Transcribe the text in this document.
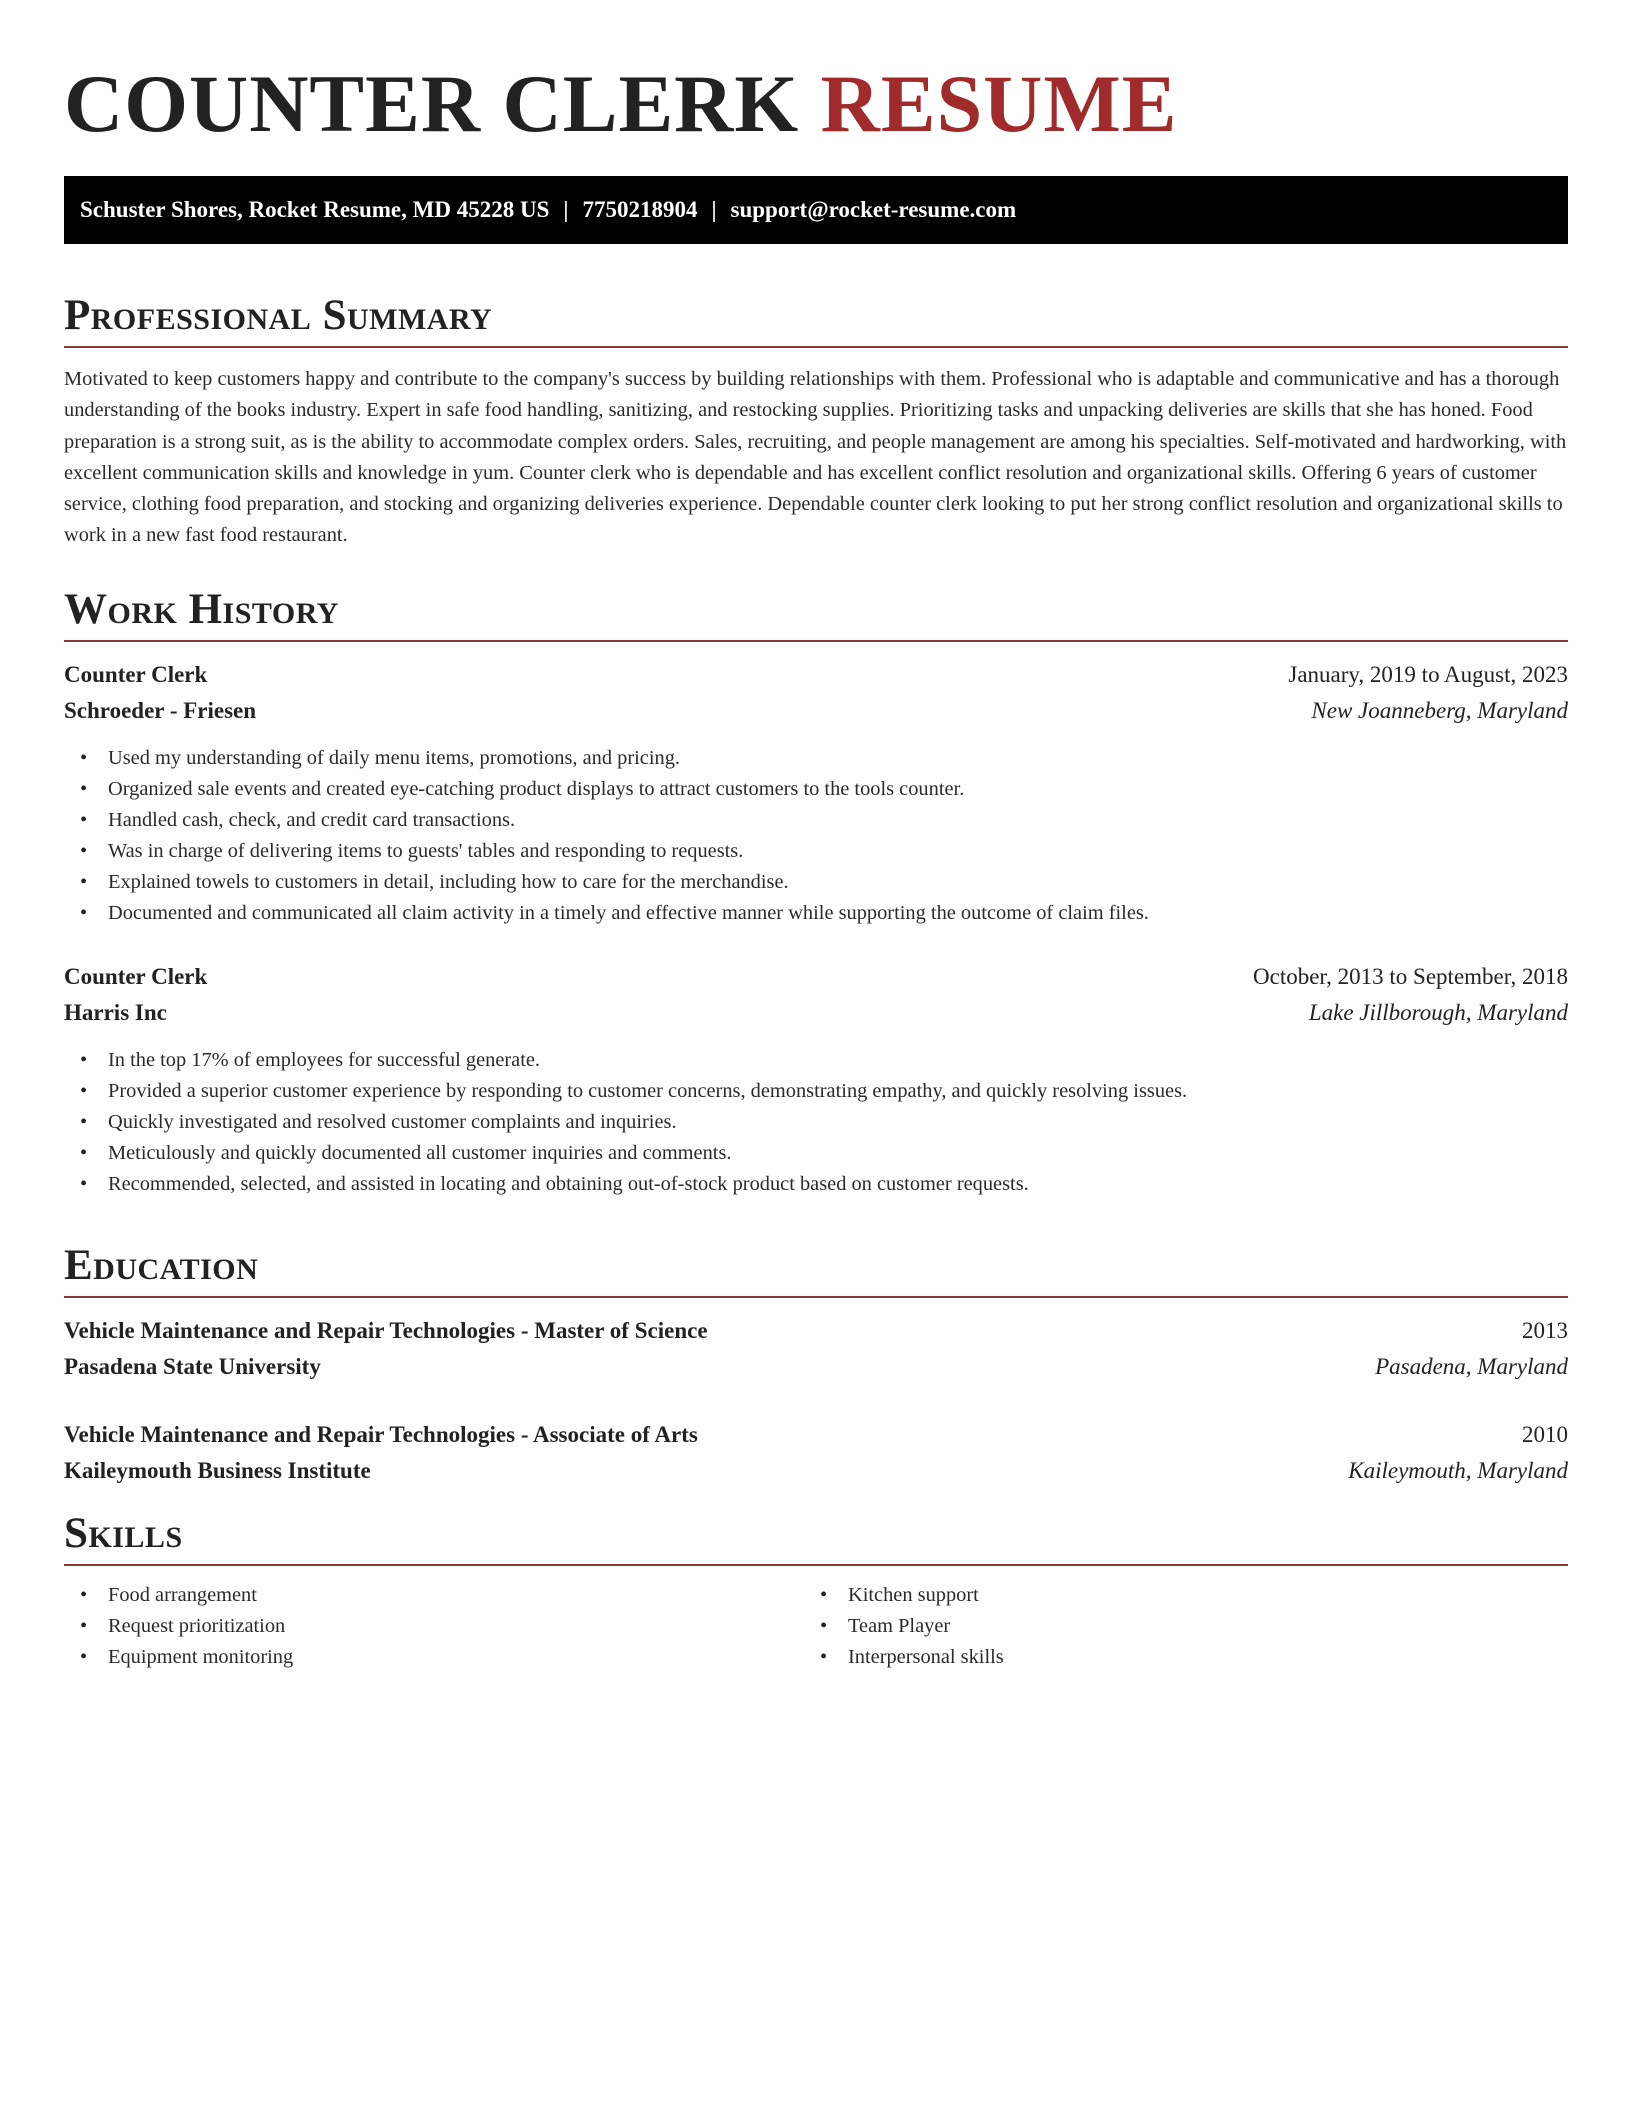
COUNTER CLERK RESUME
Schuster Shores, Rocket Resume, MD 45228 US | 7750218904 | support@rocket-resume.com
Professional Summary

Motivated to keep customers happy and contribute to the company's success by building relationships with them. Professional who is adaptable and communicative and has a thorough understanding of the books industry. Expert in safe food handling, sanitizing, and restocking supplies. Prioritizing tasks and unpacking deliveries are skills that she has honed. Food preparation is a strong suit, as is the ability to accommodate complex orders. Sales, recruiting, and people management are among his specialties. Self-motivated and hardworking, with excellent communication skills and knowledge in yum. Counter clerk who is dependable and has excellent conflict resolution and organizational skills. Offering 6 years of customer service, clothing food preparation, and stocking and organizing deliveries experience. Dependable counter clerk looking to put her strong conflict resolution and organizational skills to work in a new fast food restaurant.

Work History
Counter Clerk	January, 2019 to August, 2023
Schroeder - Friesen	New Joanneberg, Maryland
• Used my understanding of daily menu items, promotions, and pricing.
• Organized sale events and created eye-catching product displays to attract customers to the tools counter.
• Handled cash, check, and credit card transactions.
• Was in charge of delivering items to guests' tables and responding to requests.
• Explained towels to customers in detail, including how to care for the merchandise.
• Documented and communicated all claim activity in a timely and effective manner while supporting the outcome of claim files.
Counter Clerk	October, 2013 to September, 2018
Harris Inc	Lake Jillborough, Maryland
• In the top 17% of employees for successful generate.
• Provided a superior customer experience by responding to customer concerns, demonstrating empathy, and quickly resolving issues.
• Quickly investigated and resolved customer complaints and inquiries.
• Meticulously and quickly documented all customer inquiries and comments.
• Recommended, selected, and assisted in locating and obtaining out-of-stock product based on customer requests.
Education
Vehicle Maintenance and Repair Technologies - Master of Science	2013
Pasadena State University	Pasadena, Maryland
Vehicle Maintenance and Repair Technologies - Associate of Arts	2010
Kaileymouth Business Institute	Kaileymouth, Maryland
Skills
• Food arrangement
• Request prioritization
• Equipment monitoring
• Kitchen support
• Team Player
• Interpersonal skills
